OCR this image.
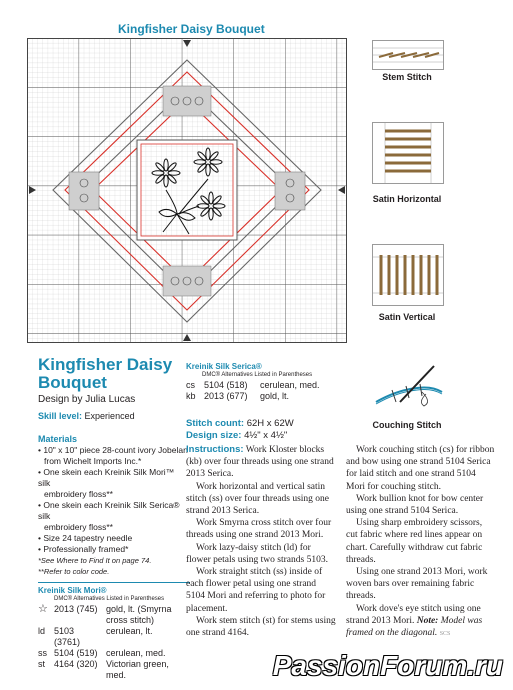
Kingfisher Daisy Bouquet
Stem Stitch
Satin Horizontal
Satin Vertical
Couching Stitch
Kingfisher Daisy
Bouquet
Design by Julia Lucas
Skill level: Experienced
Materials
• 10" x 10" piece 28-count ivory Jobelan
from Wichelt Imports Inc.*
• One skein each Kreinik Silk Mori™ silk
embroidery floss**
• One skein each Kreinik Silk Serica® silk
embroidery floss**
• Size 24 tapestry needle
• Professionally framed*
*See Where to Find It on page 74.
**Refer to color code.
Kreinik Silk Mori®
DMC® Alternatives Listed in Parentheses
☆	2013 (745)	gold, lt. (Smyrna
		cross stitch)
ld	5103 (3761)	cerulean, lt.
ss	5104 (519)	cerulean, med.
st	4164 (320)	Victorian green,
		med.
Kreinik Silk Serica®
DMC® Alternatives Listed in Parentheses
cs	5104 (518)	cerulean, med.
kb	2013 (677)	gold, lt.
Stitch count: 62H x 62W
Design size: 4½" x 4½"
Instructions: Work Kloster blocks (kb) over four threads using one strand 2013 Serica.
Work horizontal and vertical satin stitch (ss) over four threads using one strand 2013 Serica.
Work Smyrna cross stitch over four threads using one strand 2013 Mori.
Work lazy-daisy stitch (ld) for flower petals using two strands 5103.
Work straight stitch (ss) inside of each flower petal using one strand 5104 Mori and referring to photo for placement.
Work stem stitch (st) for stems using one strand 4164.
Work couching stitch (cs) for ribbon and bow using one strand 5104 Serica for laid stitch and one strand 5104 Mori for couching stitch.
Work bullion knot for bow center using one strand 5104 Serica.
Using sharp embroidery scissors, cut fabric where red lines appear on chart. Carefully withdraw cut fabric threads.
Using one strand 2013 Mori, work woven bars over remaining fabric threads.
Work dove's eye stitch using one strand 2013 Mori. Note: Model was framed on the diagonal. SCS
PassionForum.ru
